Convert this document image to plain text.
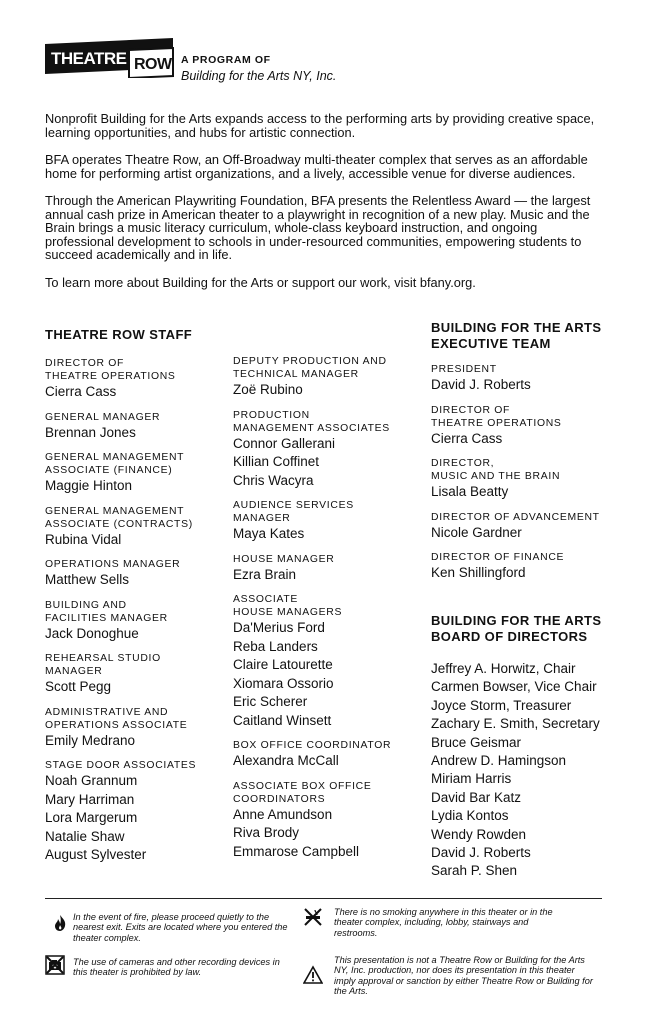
THEATRE ROW A PROGRAM OF
Building for the Arts NY, Inc.

Nonprofit Building for the Arts expands access to the performing arts by providing creative space, learning opportunities, and hubs for artistic connection.

BFA operates Theatre Row, an Off-Broadway multi-theater complex that serves as an affordable home for performing artist organizations, and a lively, accessible venue for diverse audiences.

Through the American Playwriting Foundation, BFA presents the Relentless Award — the largest annual cash prize in American theater to a playwright in recognition of a new play. Music and the Brain brings a music literacy curriculum, whole-class keyboard instruction, and ongoing professional development to schools in under-resourced communities, empowering students to succeed academically and in life.

To learn more about Building for the Arts or support our work, visit bfany.org.

THEATRE ROW STAFF
DIRECTOR OF
THEATRE OPERATIONS
Cierra Cass
GENERAL MANAGER
Brennan Jones
GENERAL MANAGEMENT
ASSOCIATE (FINANCE)
Maggie Hinton
GENERAL MANAGEMENT
ASSOCIATE (CONTRACTS)
Rubina Vidal
OPERATIONS MANAGER
Matthew Sells
BUILDING AND
FACILITIES MANAGER
Jack Donoghue
REHEARSAL STUDIO
MANAGER
Scott Pegg
ADMINISTRATIVE AND
OPERATIONS ASSOCIATE
Emily Medrano
STAGE DOOR ASSOCIATES
Noah Grannum
Mary Harriman
Lora Margerum
Natalie Shaw
August Sylvester
DEPUTY PRODUCTION AND
TECHNICAL MANAGER
Zoë Rubino
PRODUCTION
MANAGEMENT ASSOCIATES
Connor Gallerani
Killian Coffinet
Chris Wacyra
AUDIENCE SERVICES
MANAGER
Maya Kates
HOUSE MANAGER
Ezra Brain
ASSOCIATE
HOUSE MANAGERS
Da'Merius Ford
Reba Landers
Claire Latourette
Xiomara Ossorio
Eric Scherer
Caitland Winsett
BOX OFFICE COORDINATOR
Alexandra McCall
ASSOCIATE BOX OFFICE
COORDINATORS
Anne Amundson
Riva Brody
Emmarose Campbell
BUILDING FOR THE ARTS
EXECUTIVE TEAM
PRESIDENT
David J. Roberts
DIRECTOR OF
THEATRE OPERATIONS
Cierra Cass
DIRECTOR,
MUSIC AND THE BRAIN
Lisala Beatty
DIRECTOR OF ADVANCEMENT
Nicole Gardner
DIRECTOR OF FINANCE
Ken Shillingford
BUILDING FOR THE ARTS
BOARD OF DIRECTORS
Jeffrey A. Horwitz, Chair
Carmen Bowser, Vice Chair
Joyce Storm, Treasurer
Zachary E. Smith, Secretary
Bruce Geismar
Andrew D. Hamingson
Miriam Harris
David Bar Katz
Lydia Kontos
Wendy Rowden
David J. Roberts
Sarah P. Shen
In the event of fire, please proceed quietly to the nearest exit. Exits are located where you entered the theater complex.
There is no smoking anywhere in this theater or in the theater complex, including, lobby, stairways and restrooms.
The use of cameras and other recording devices in this theater is prohibited by law.
This presentation is not a Theatre Row or Building for the Arts NY, Inc. production, nor does its presentation in this theater imply approval or sanction by either Theatre Row or Building for the Arts.
